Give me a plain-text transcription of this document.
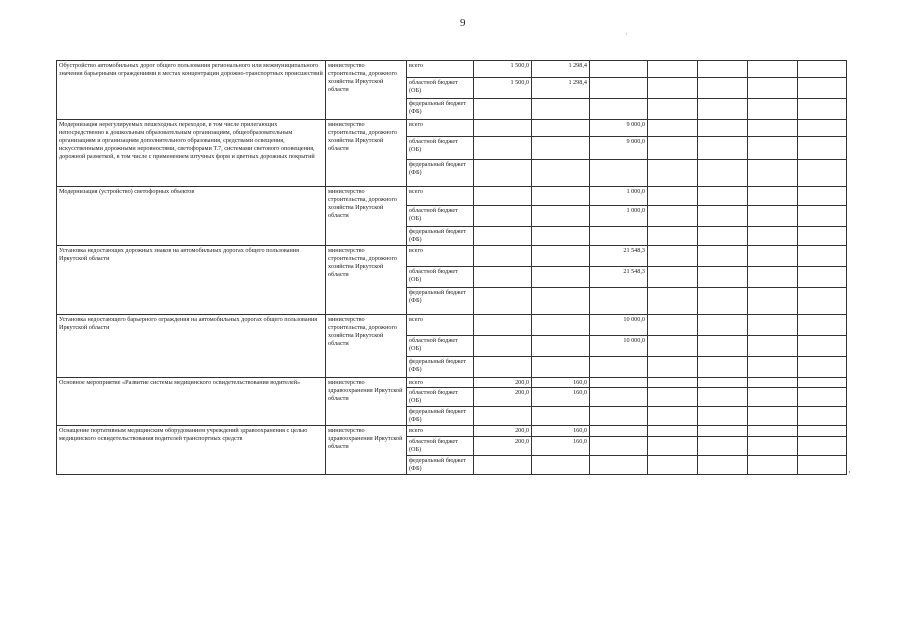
9
·
Обустройство автомобильных дорог общего пользования регионального или межмуниципального значения барьерными ограждениями в местах концентрации дорожно-транспортных происшествий	министерство строительства, дорожного хозяйства Иркутской области	всего	1 500,0	1 298,4					
		областной бюджет (ОБ)	1 500,0	1 298,4					
		федеральный бюджет (ФБ)							
Модернизация нерегулируемых пешеходных переходов, в том числе прилегающих непосредственно к дошкольным образовательным организациям, общеобразовательным организациям и организациям дополнительного образования, средствами освещения, искусственными дорожными неровностями, светофорами Т.7, системами светового оповещения, дорожной разметкой, в том числе с применением штучных форм и цветных дорожных покрытий	министерство строительства, дорожного хозяйства Иркутской области	всего			9 000,0				
		областной бюджет (ОБ)			9 000,0				
		федеральный бюджет (ФБ)							
Модернизация (устройство) светофорных объектов	министерство строительства, дорожного хозяйства Иркутской области	всего			1 000,0				
		областной бюджет (ОБ)			1 000,0				
		федеральный бюджет (ФБ)							
Установка недостающих дорожных знаков на автомобильных дорогах общего пользования Иркутской области	министерство строительства, дорожного хозяйства Иркутской области	всего			21 548,3				
		областной бюджет (ОБ)			21 548,3				
		федеральный бюджет (ФБ)							
Установка недостающего барьерного ограждения на автомобильных дорогах общего пользования Иркутской области	министерство строительства, дорожного хозяйства Иркутской области	всего			10 000,0				
		областной бюджет (ОБ)			10 000,0				
		федеральный бюджет (ФБ)							
Основное мероприятие «Развитие системы медицинского освидетельствования водителей»	министерство здравоохранения Иркутской области	всего	200,0	160,0					
		областной бюджет (ОБ)	200,0	160,0					
		федеральный бюджет (ФБ)							
Оснащение портативным медицинским оборудованием учреждений здравоохранения с целью медицинского освидетельствования водителей транспортных средств	министерство здравоохранения Иркутской области	всего	200,0	160,0					
		областной бюджет (ОБ)	200,0	160,0					
		федеральный бюджет (ФБ)								·
